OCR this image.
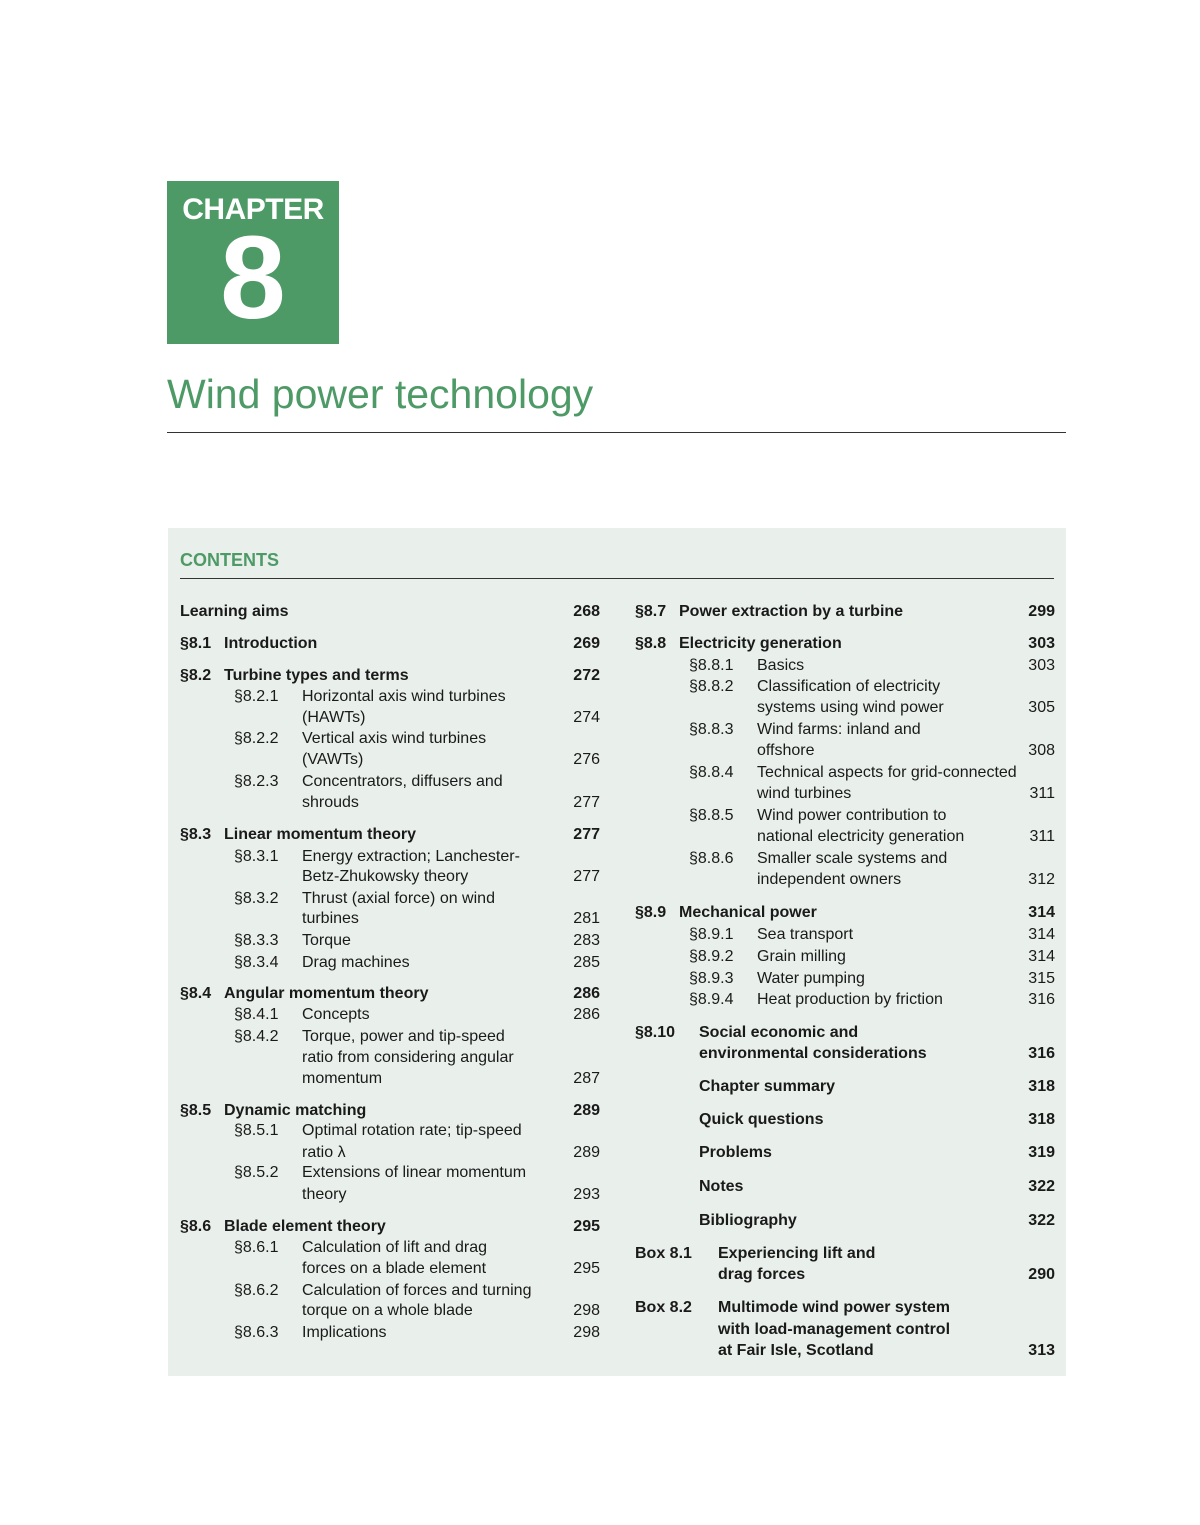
CHAPTER
8
Wind power technology
CONTENTS
Learning aims	268
§8.1 Introduction	269
§8.2 Turbine types and terms	272
§8.2.1 Horizontal axis wind turbines
(HAWTs)	274
§8.2.2 Vertical axis wind turbines
(VAWTs)	276
§8.2.3 Concentrators, diffusers and
shrouds	277
§8.3 Linear momentum theory	277
§8.3.1 Energy extraction; Lanchester-
Betz-Zhukowsky theory	277
§8.3.2 Thrust (axial force) on wind
turbines	281
§8.3.3 Torque	283
§8.3.4 Drag machines	285
§8.4 Angular momentum theory	286
§8.4.1 Concepts	286
§8.4.2 Torque, power and tip-speed
ratio from considering angular
momentum	287
§8.5 Dynamic matching	289
§8.5.1 Optimal rotation rate; tip-speed
ratio λ	289
§8.5.2 Extensions of linear momentum
theory	293
§8.6 Blade element theory	295
§8.6.1 Calculation of lift and drag
forces on a blade element	295
§8.6.2 Calculation of forces and turning
torque on a whole blade	298
§8.6.3 Implications	298
§8.7 Power extraction by a turbine	299
§8.8 Electricity generation	303
§8.8.1 Basics	303
§8.8.2 Classification of electricity
systems using wind power	305
§8.8.3 Wind farms: inland and
offshore	308
§8.8.4 Technical aspects for grid-connected
wind turbines	311
§8.8.5 Wind power contribution to
national electricity generation	311
§8.8.6 Smaller scale systems and
independent owners	312
§8.9 Mechanical power	314
§8.9.1 Sea transport	314
§8.9.2 Grain milling	314
§8.9.3 Water pumping	315
§8.9.4 Heat production by friction	316
§8.10 Social economic and
environmental considerations	316
Chapter summary	318
Quick questions	318
Problems	319
Notes	322
Bibliography	322
Box 8.1 Experiencing lift and
drag forces	290
Box 8.2 Multimode wind power system
with load-management control
at Fair Isle, Scotland	313
